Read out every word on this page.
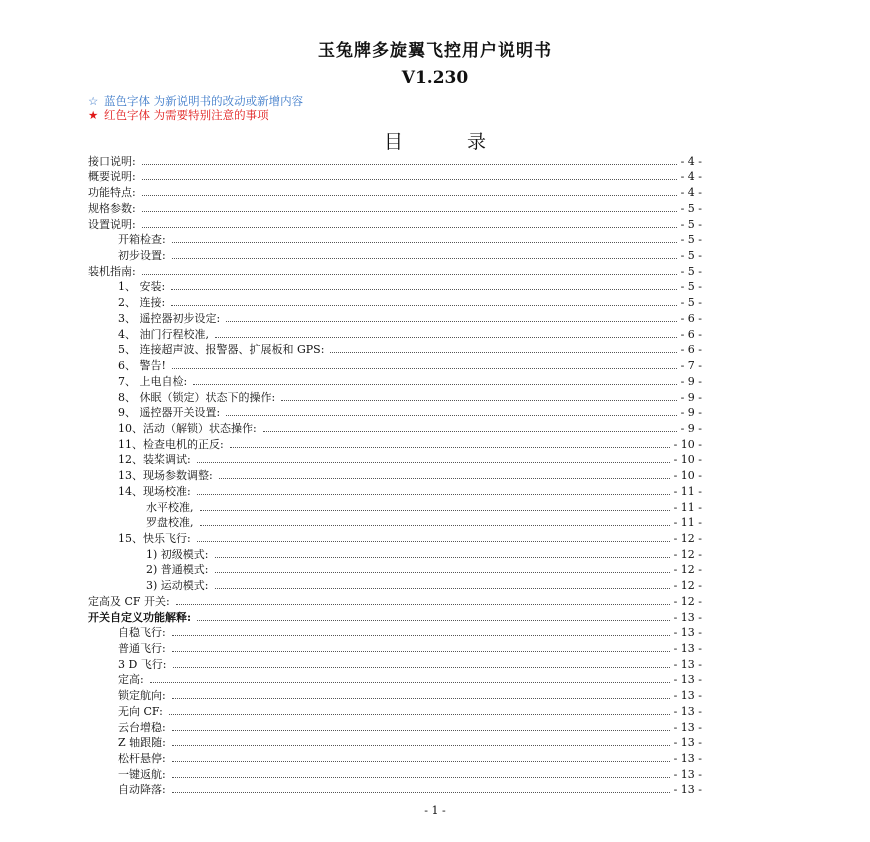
玉兔牌多旋翼飞控用户说明书
V1.230
☆ 蓝色字体 为新说明书的改动或新增内容
★ 红色字体 为需要特别注意的事项
目	录
接口说明:	- 4 -
概要说明:	- 4 -
功能特点:	- 4 -
规格参数:	- 5 -
设置说明:	- 5 -
开箱检查:	- 5 -
初步设置:	- 5 -
装机指南:	- 5 -
1、 安装:	- 5 -
2、 连接:	- 5 -
3、 遥控器初步设定:	- 6 -
4、 油门行程校准,	- 6 -
5、 连接超声波、报警器、扩展板和 GPS:	- 6 -
6、 警告!	- 7 -
7、 上电自检:	- 9 -
8、 休眠（锁定）状态下的操作:	- 9 -
9、 遥控器开关设置:	- 9 -
10、活动（解锁）状态操作:	- 9 -
11、检查电机的正反:	- 10 -
12、装桨调试:	- 10 -
13、现场参数调整:	- 10 -
14、现场校准:	- 11 -
水平校准,	- 11 -
罗盘校准,	- 11 -
15、快乐飞行:	- 12 -
1) 初级模式:	- 12 -
2) 普通模式:	- 12 -
3) 运动模式:	- 12 -
定高及 CF 开关:	- 12 -
开关自定义功能解释:	- 13 -
自稳飞行:	- 13 -
普通飞行:	- 13 -
3 D 飞行:	- 13 -
定高:	- 13 -
锁定航向:	- 13 -
无向 CF:	- 13 -
云台增稳:	- 13 -
Z 轴跟随:	- 13 -
松杆悬停:	- 13 -
一键返航:	- 13 -
自动降落:	- 13 -
- 1 -
